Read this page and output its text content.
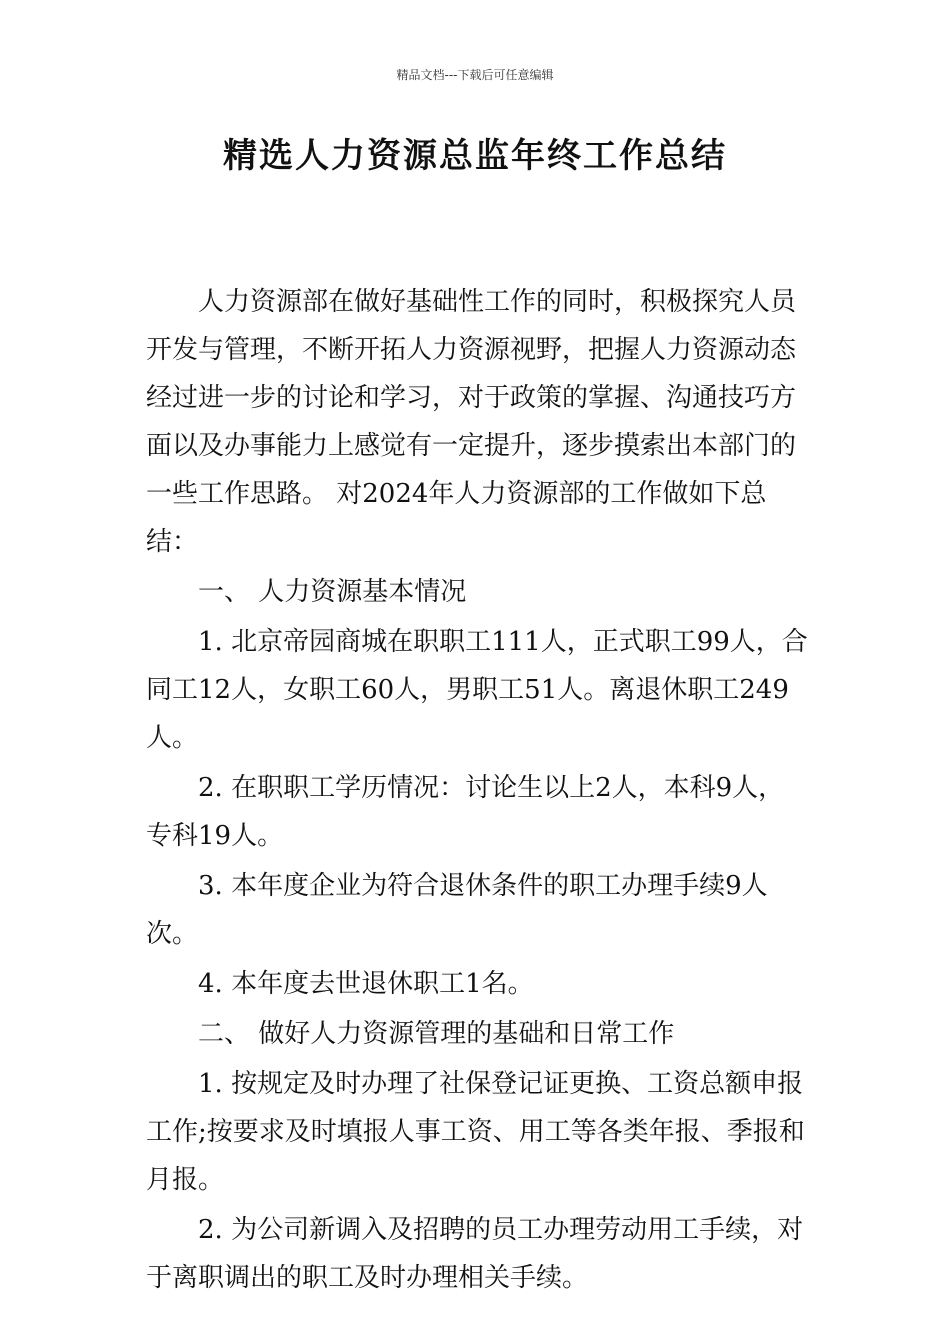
精品文档---下载后可任意编辑
精选人力资源总监年终工作总结

人力资源部在做好基础性工作的同时，积极探究人员开发与管理，不断开拓人力资源视野，把握人力资源动态经过进一步的讨论和学习，对于政策的掌握、沟通技巧方面以及办事能力上感觉有一定提升，逐步摸索出本部门的一些工作思路。 对2024年人力资源部的工作做如下总结：

一、 人力资源基本情况

1. 北京帝园商城在职职工111人，正式职工99人，合同工12人，女职工60人，男职工51人。离退休职工249人。

2. 在职职工学历情况：讨论生以上2人，本科9人，专科19人。

3. 本年度企业为符合退休条件的职工办理手续9人次。

4. 本年度去世退休职工1名。

二、 做好人力资源管理的基础和日常工作

1. 按规定及时办理了社保登记证更换、工资总额申报工作;按要求及时填报人事工资、用工等各类年报、季报和月报。

2. 为公司新调入及招聘的员工办理劳动用工手续，对于离职调出的职工及时办理相关手续。
